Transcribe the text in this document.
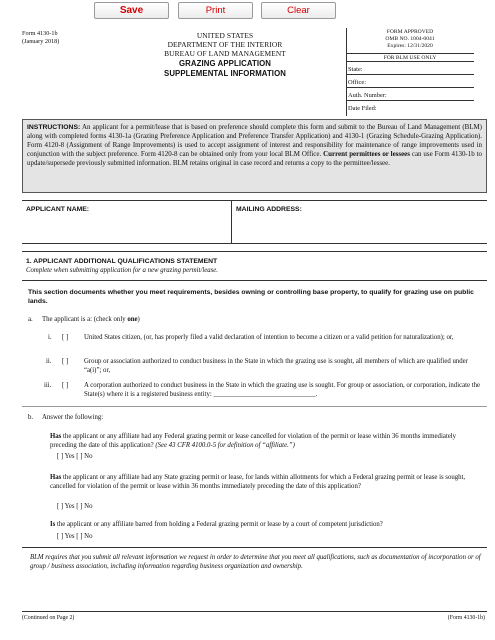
Save	Print	Clear
Form 4130-1b
(January 2018)
UNITED STATES
DEPARTMENT OF THE INTERIOR
BUREAU OF LAND MANAGEMENT
GRAZING APPLICATION
SUPPLEMENTAL INFORMATION
FORM APPROVED
OMB NO. 1004-0041
Expires: 12/31/2020
FOR BLM USE ONLY
State:
Office:
Auth. Number:
Date Filed:
INSTRUCTIONS: An applicant for a permit/lease that is based on preference should complete this form and submit to the Bureau of Land Management (BLM) along with completed forms 4130-1a (Grazing Preference Application and Preference Transfer Application) and 4130-1 (Grazing Schedule-Grazing Application). Form 4120-8 (Assignment of Range Improvements) is used to accept assignment of interest and responsibility for maintenance of range improvements used in conjunction with the subject preference. Form 4120-8 can be obtained only from your local BLM Office. Current permittees or lessees can use Form 4130-1b to update/supersede previously submitted information. BLM retains original in case record and returns a copy to the permittee/lessee.
APPLICANT NAME:	MAILING ADDRESS:
1. APPLICANT ADDITIONAL QUALIFICATIONS STATEMENT
Complete when submitting application for a new grazing permit/lease.
This section documents whether you meet requirements, besides owning or controlling base property, to qualify for grazing use on public lands.
a. The applicant is a: (check only one)
i. [ ] United States citizen, (or, has properly filed a valid declaration of intention to become a citizen or a valid petition for naturalization); or,
ii. [ ] Group or association authorized to conduct business in the State in which the grazing use is sought, all members of which are qualified under “a(i)”; or,
iii. [ ] A corporation authorized to conduct business in the State in which the grazing use is sought. For group or association, or corporation, indicate the State(s) where it is a registered business entity: ______________________________.
b. Answer the following:
Has the applicant or any affiliate had any Federal grazing permit or lease cancelled for violation of the permit or lease within 36 months immediately preceding the date of this application? (See 43 CFR 4100.0-5 for definition of “affiliate.”)
[ ] Yes [ ] No
Has the applicant or any affiliate had any State grazing permit or lease, for lands within allotments for which a Federal grazing permit or lease is sought, cancelled for violation of the permit or lease within 36 months immediately preceding the date of this application?
[ ] Yes [ ] No
Is the applicant or any affiliate barred from holding a Federal grazing permit or lease by a court of competent jurisdiction?
[ ] Yes [ ] No
BLM requires that you submit all relevant information we request in order to determine that you meet all qualifications, such as documentation of incorporation or of group / business association, including information regarding business organization and ownership.
(Continued on Page 2)	(Form 4130-1b)
